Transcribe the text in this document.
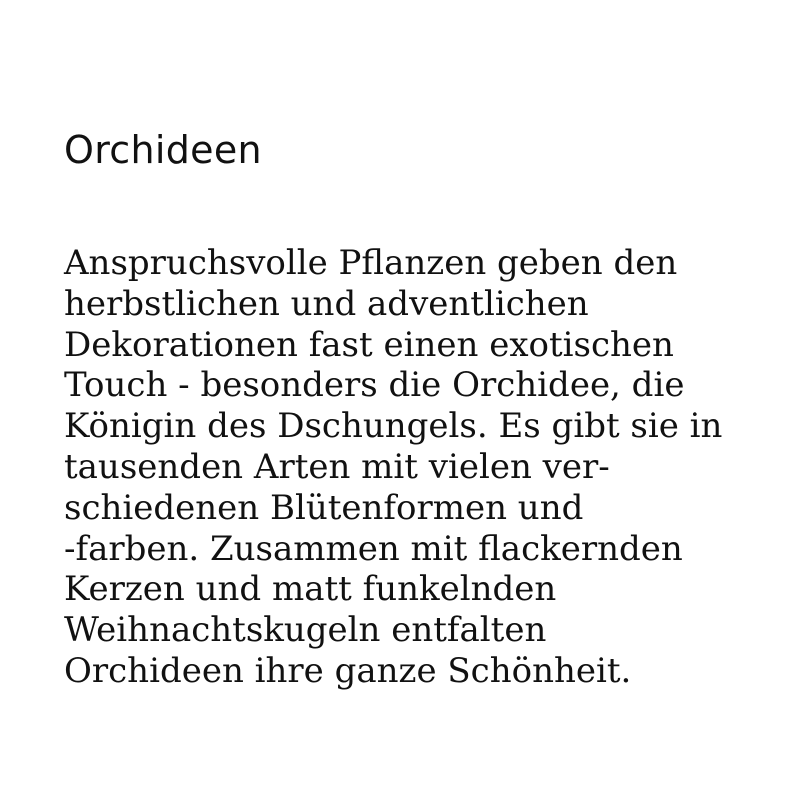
Orchideen

Anspruchsvolle Pflanzen geben den
herbstlichen und adventlichen
Dekorationen fast einen exotischen
Touch - besonders die Orchidee, die
Königin des Dschungels. Es gibt sie in
tausenden Arten mit vielen ver-
schiedenen Blütenformen und
-farben. Zusammen mit flackernden
Kerzen und matt funkelnden
Weihnachtskugeln entfalten
Orchideen ihre ganze Schönheit.
